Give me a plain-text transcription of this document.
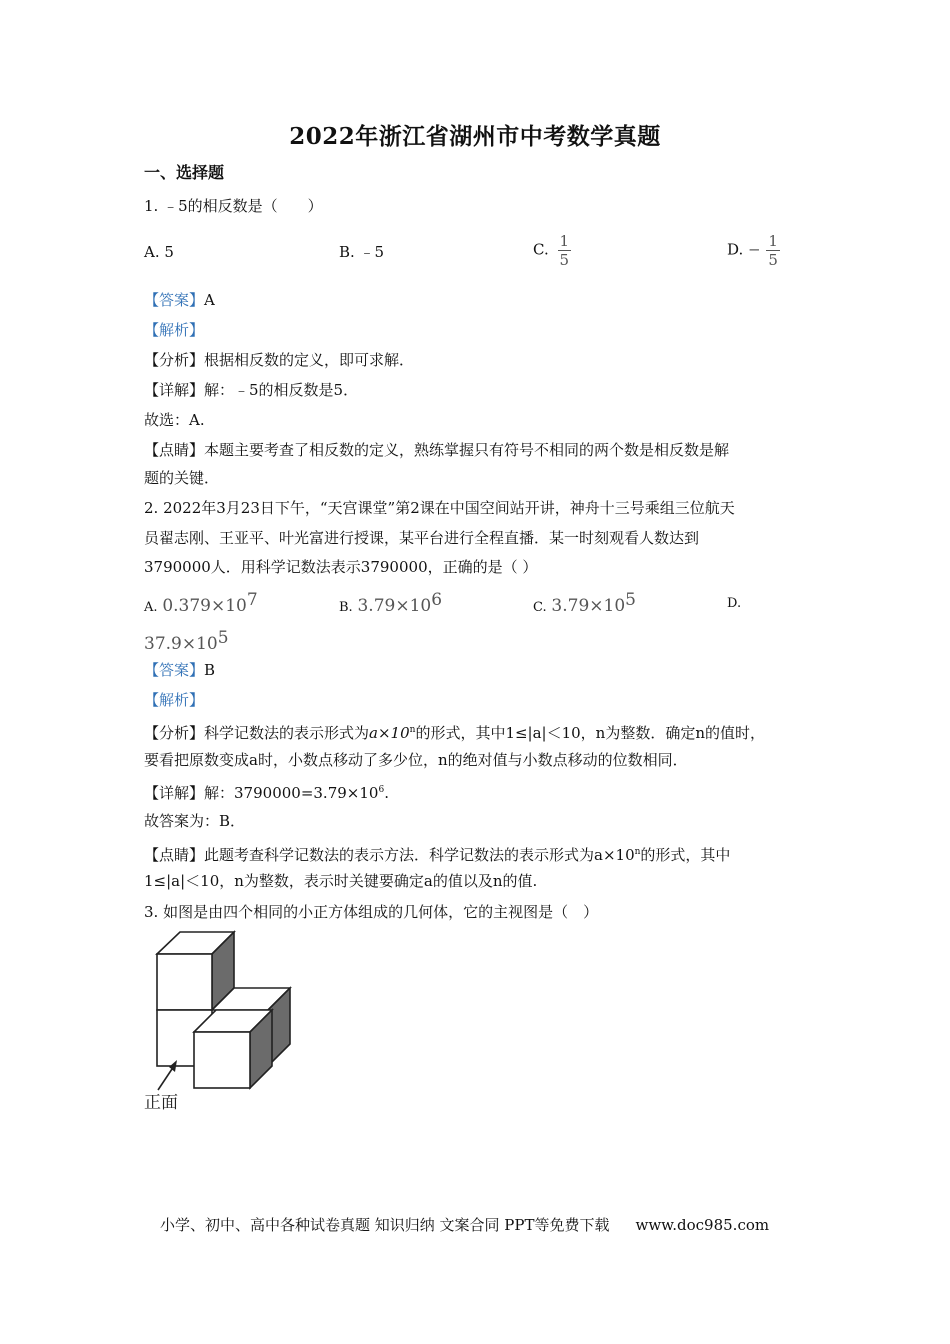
2022年浙江省湖州市中考数学真题
一、选择题
1. ﹣5的相反数是（　　）
A. 5	B. ﹣5	C. $\frac{1}{5}$	D. − $\frac{1}{5}$
【答案】A
【解析】
【分析】根据相反数的定义，即可求解．
【详解】解：﹣5的相反数是5．
故选：A.
【点睛】本题主要考查了相反数的定义，熟练掌握只有符号不相同的两个数是相反数是解
题的关键．
2. 2022年3月23日下午，“天宫课堂”第2课在中国空间站开讲，神舟十三号乘组三位航天
员翟志刚、王亚平、叶光富进行授课，某平台进行全程直播．某一时刻观看人数达到
3790000人．用科学记数法表示3790000，正确的是（ ）
A. $0.379\times 10^7$	B. $3.79\times 10^6$	C. $3.79\times 10^5$	D.
$37.9\times 10^5$
【答案】B
【解析】
【分析】科学记数法的表示形式为$a\times 10^n$的形式，其中1≤|a|＜10，n为整数．确定n的值时，
要看把原数变成a时，小数点移动了多少位，n的绝对值与小数点移动的位数相同．
【详解】解：$3790000=3.79\times 10^6$.
故答案为：B．
【点睛】此题考查科学记数法的表示方法．科学记数法的表示形式为$a\times 10^n$的形式，其中
1≤|a|＜10，n为整数，表示时关键要确定a的值以及n的值.
3. 如图是由四个相同的小正方体组成的几何体，它的主视图是（　）
正面
小学、初中、高中各种试卷真题 知识归纳 文案合同 PPT等免费下载 www.doc985.com
